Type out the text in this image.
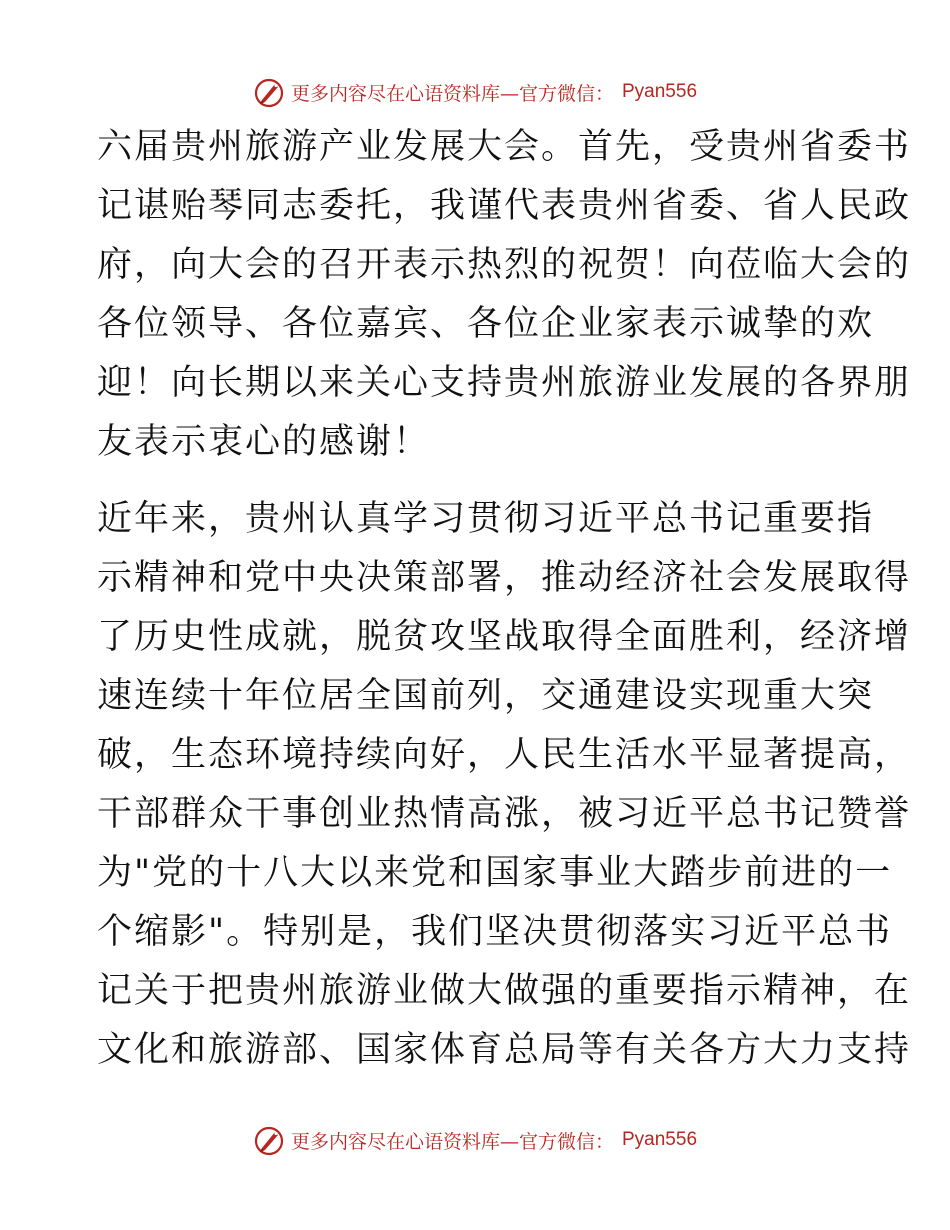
更多内容尽在心语资料库—官方微信： Pyan556
六届贵州旅游产业发展大会。首先，受贵州省委书
记谌贻琴同志委托，我谨代表贵州省委、省人民政
府，向大会的召开表示热烈的祝贺！向莅临大会的
各位领导、各位嘉宾、各位企业家表示诚挚的欢
迎！向长期以来关心支持贵州旅游业发展的各界朋
友表示衷心的感谢！
近年来，贵州认真学习贯彻习近平总书记重要指
示精神和党中央决策部署，推动经济社会发展取得
了历史性成就，脱贫攻坚战取得全面胜利，经济增
速连续十年位居全国前列，交通建设实现重大突
破，生态环境持续向好，人民生活水平显著提高，
干部群众干事创业热情高涨，被习近平总书记赞誉
为"党的十八大以来党和国家事业大踏步前进的一
个缩影"。特别是，我们坚决贯彻落实习近平总书
记关于把贵州旅游业做大做强的重要指示精神，在
文化和旅游部、国家体育总局等有关各方大力支持
更多内容尽在心语资料库—官方微信： Pyan556
